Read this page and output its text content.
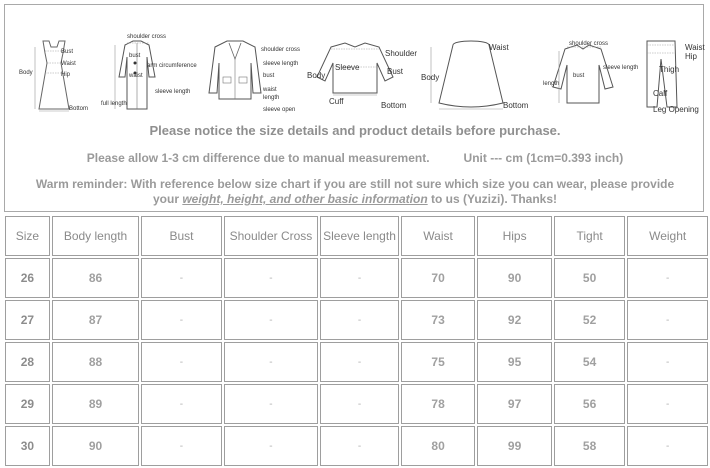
Bust
Waist
Hip
Body
Bottom
shoulder cross
bust
arm circumference
waist
sleeve length
full length
shoulder cross
sleeve length
bust
waist
length
sleeve open
Shoulder
Sleeve
Body	Bust
Cuff	Bottom
Waist
Body
Bottom
shoulder cross
sleeve length
length
bust
Waist
Hip
Thigh
Calf
Leg Opening
Please notice the size details and product details before purchase.
Please allow 1-3 cm difference due to manual measurement.	Unit --- cm (1cm=0.393 inch)
Warm reminder: With reference below size chart if you are still not sure which size you can wear, please provide
your weight, height, and other basic information to us (Yuzizi). Thanks!
Size	Body length	Bust	Shoulder Cross	Sleeve length	Waist	Hips	Tight	Weight
26	86	-	-	-	70	90	50	-
27	87	-	-	-	73	92	52	-
28	88	-	-	-	75	95	54	-
29	89	-	-	-	78	97	56	-
30	90	-	-	-	80	99	58	-
